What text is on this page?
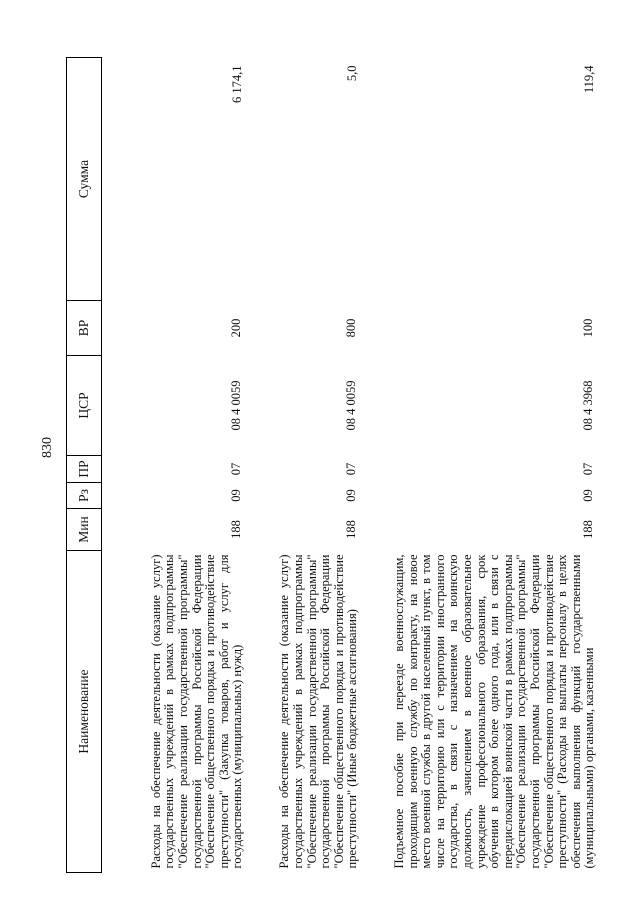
830
Наименование	Мин	Рз	ПР	ЦСР	ВР	Сумма
Расходы на обеспечение деятельности (оказание услуг) государственных учреждений в рамках подпрограммы "Обеспечение реализации государственной программы" государственной программы Российской Федерации "Обеспечение общественного порядка и противодействие преступности" (Закупка товаров, работ и услуг для государственных (муниципальных) нужд)	188	09	07	08 4 0059	200	6 174,1
Расходы на обеспечение деятельности (оказание услуг) государственных учреждений в рамках подпрограммы "Обеспечение реализации государственной программы" государственной программы Российской Федерации "Обеспечение общественного порядка и противодействие преступности" (Иные бюджетные ассигнования)	188	09	07	08 4 0059	800	5,0
Подъемное пособие при переезде военнослужащим, проходящим военную службу по контракту, на новое место военной службы в другой населенный пункт, в том числе на территорию или с территории иностранного государства, в связи с назначением на воинскую должность, зачислением в военное образовательное учреждение профессионального образования, срок обучения в котором более одного года, или в связи с передислокацией воинской части в рамках подпрограммы "Обеспечение реализации государственной программы" государственной программы Российской Федерации "Обеспечение общественного порядка и противодействие преступности" (Расходы на выплаты персоналу в целях обеспечения выполнения функций государственными (муниципальными) органами, казенными	188	09	07	08 4 3968	100	119,4
